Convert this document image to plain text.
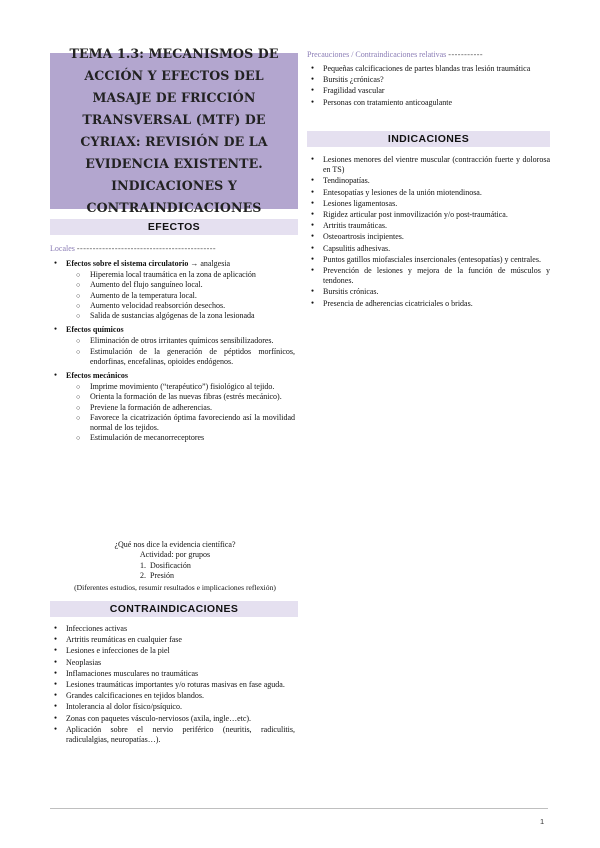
TEMA 1.3: MECANISMOS DE ACCIÓN Y EFECTOS DEL MASAJE DE FRICCIÓN TRANSVERSAL (MTF) DE CYRIAX: REVISIÓN DE LA EVIDENCIA EXISTENTE. INDICACIONES Y CONTRAINDICACIONES
EFECTOS
Locales --------------------------------------------
● Efectos sobre el sistema circulatorio → analgesia
○ Hiperemia local traumática en la zona de aplicación
○ Aumento del flujo sanguíneo local.
○ Aumento de la temperatura local.
○ Aumento velocidad reabsorción desechos.
○ Salida de sustancias algógenas de la zona lesionada
● Efectos químicos
○ Eliminación de otros irritantes químicos sensibilizadores.
○ Estimulación de la generación de péptidos morfínicos, endorfinas, encefalinas, opioides endógenos.
● Efectos mecánicos
○ Imprime movimiento (“terapéutico”) fisiológico al tejido.
○ Orienta la formación de las nuevas fibras (estrés mecánico).
○ Previene la formación de adherencias.
○ Favorece la cicatrización óptima favoreciendo así la movilidad normal de los tejidos.
○ Estimulación de mecanorreceptores
¿Qué nos dice la evidencia científica?
Actividad: por grupos
1. Dosificación
2. Presión
(Diferentes estudios, resumir resultados e implicaciones reflexión)
CONTRAINDICACIONES
● Infecciones activas
● Artritis reumáticas en cualquier fase
● Lesiones e infecciones de la piel
● Neoplasias
● Inflamaciones musculares no traumáticas
● Lesiones traumáticas importantes y/o roturas masivas en fase aguda.
● Grandes calcificaciones en tejidos blandos.
● Intolerancia al dolor físico/psíquico.
● Zonas con paquetes vásculo-nerviosos (axila, ingle…etc).
● Aplicación sobre el nervio periférico (neuritis, radiculitis, radiculalgias, neuropatías…).
Precauciones / Contraindicaciones relativas -----------
● Pequeñas calcificaciones de partes blandas tras lesión traumática
● Bursitis ¿crónicas?
● Fragilidad vascular
● Personas con tratamiento anticoagulante
INDICACIONES
● Lesiones menores del vientre muscular (contracción fuerte y dolorosa en TS)
● Tendinopatías.
● Entesopatías y lesiones de la unión miotendinosa.
● Lesiones ligamentosas.
● Rigidez articular post inmovilización y/o post-traumática.
● Artritis traumáticas.
● Osteoartrosis incipientes.
● Capsulitis adhesivas.
● Puntos gatillos miofasciales insercionales (entesopatías) y centrales.
● Prevención de lesiones y mejora de la función de músculos y tendones.
● Bursitis crónicas.
● Presencia de adherencias cicatriciales o bridas.
1
